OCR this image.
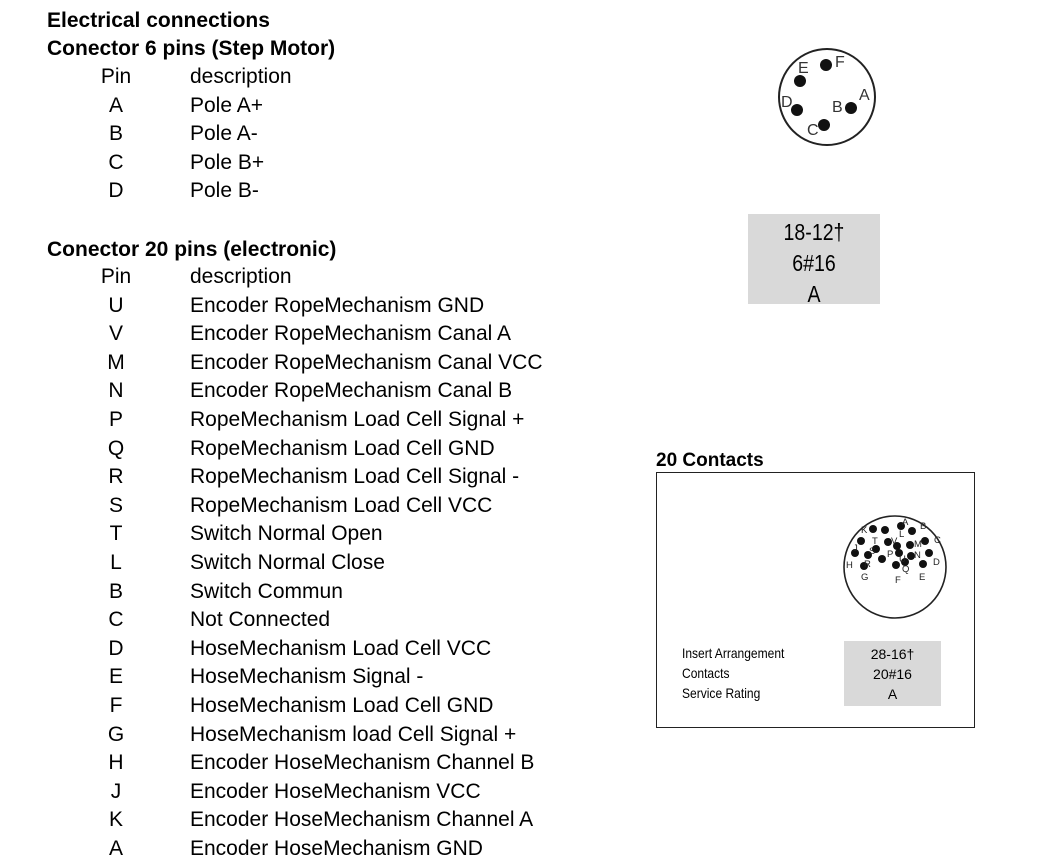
Electrical connections
Conector 6 pins (Step Motor)
Pin	description
A	Pole A+
B	Pole A-
C	Pole B+
D	Pole B-
Conector 20 pins (electronic)
Pin	description
U	Encoder RopeMechanism GND
V	Encoder RopeMechanism Canal A
M	Encoder RopeMechanism Canal VCC
N	Encoder RopeMechanism Canal B
P	RopeMechanism Load Cell Signal +
Q	RopeMechanism Load Cell GND
R	RopeMechanism Load Cell Signal -
S	RopeMechanism Load Cell VCC
T	Switch Normal Open
L	Switch Normal Close
B	Switch Commun
C	Not Connected
D	HoseMechanism Load Cell VCC
E	HoseMechanism Signal -
F	HoseMechanism Load Cell GND
G	HoseMechanism load Cell Signal +
H	Encoder HoseMechanism Channel B
J	Encoder HoseMechanism VCC
K	Encoder HoseMechanism Channel A
A	Encoder HoseMechanism GND
E F
D B
A
C
18-12†
6#16
A
20 Contacts
A B
C
D
E
F
G
H
J
K
T
L
M
N
P
Q
R
S
V
U
Insert Arrangement
Contacts
Service Rating
28-16†
20#16
A
